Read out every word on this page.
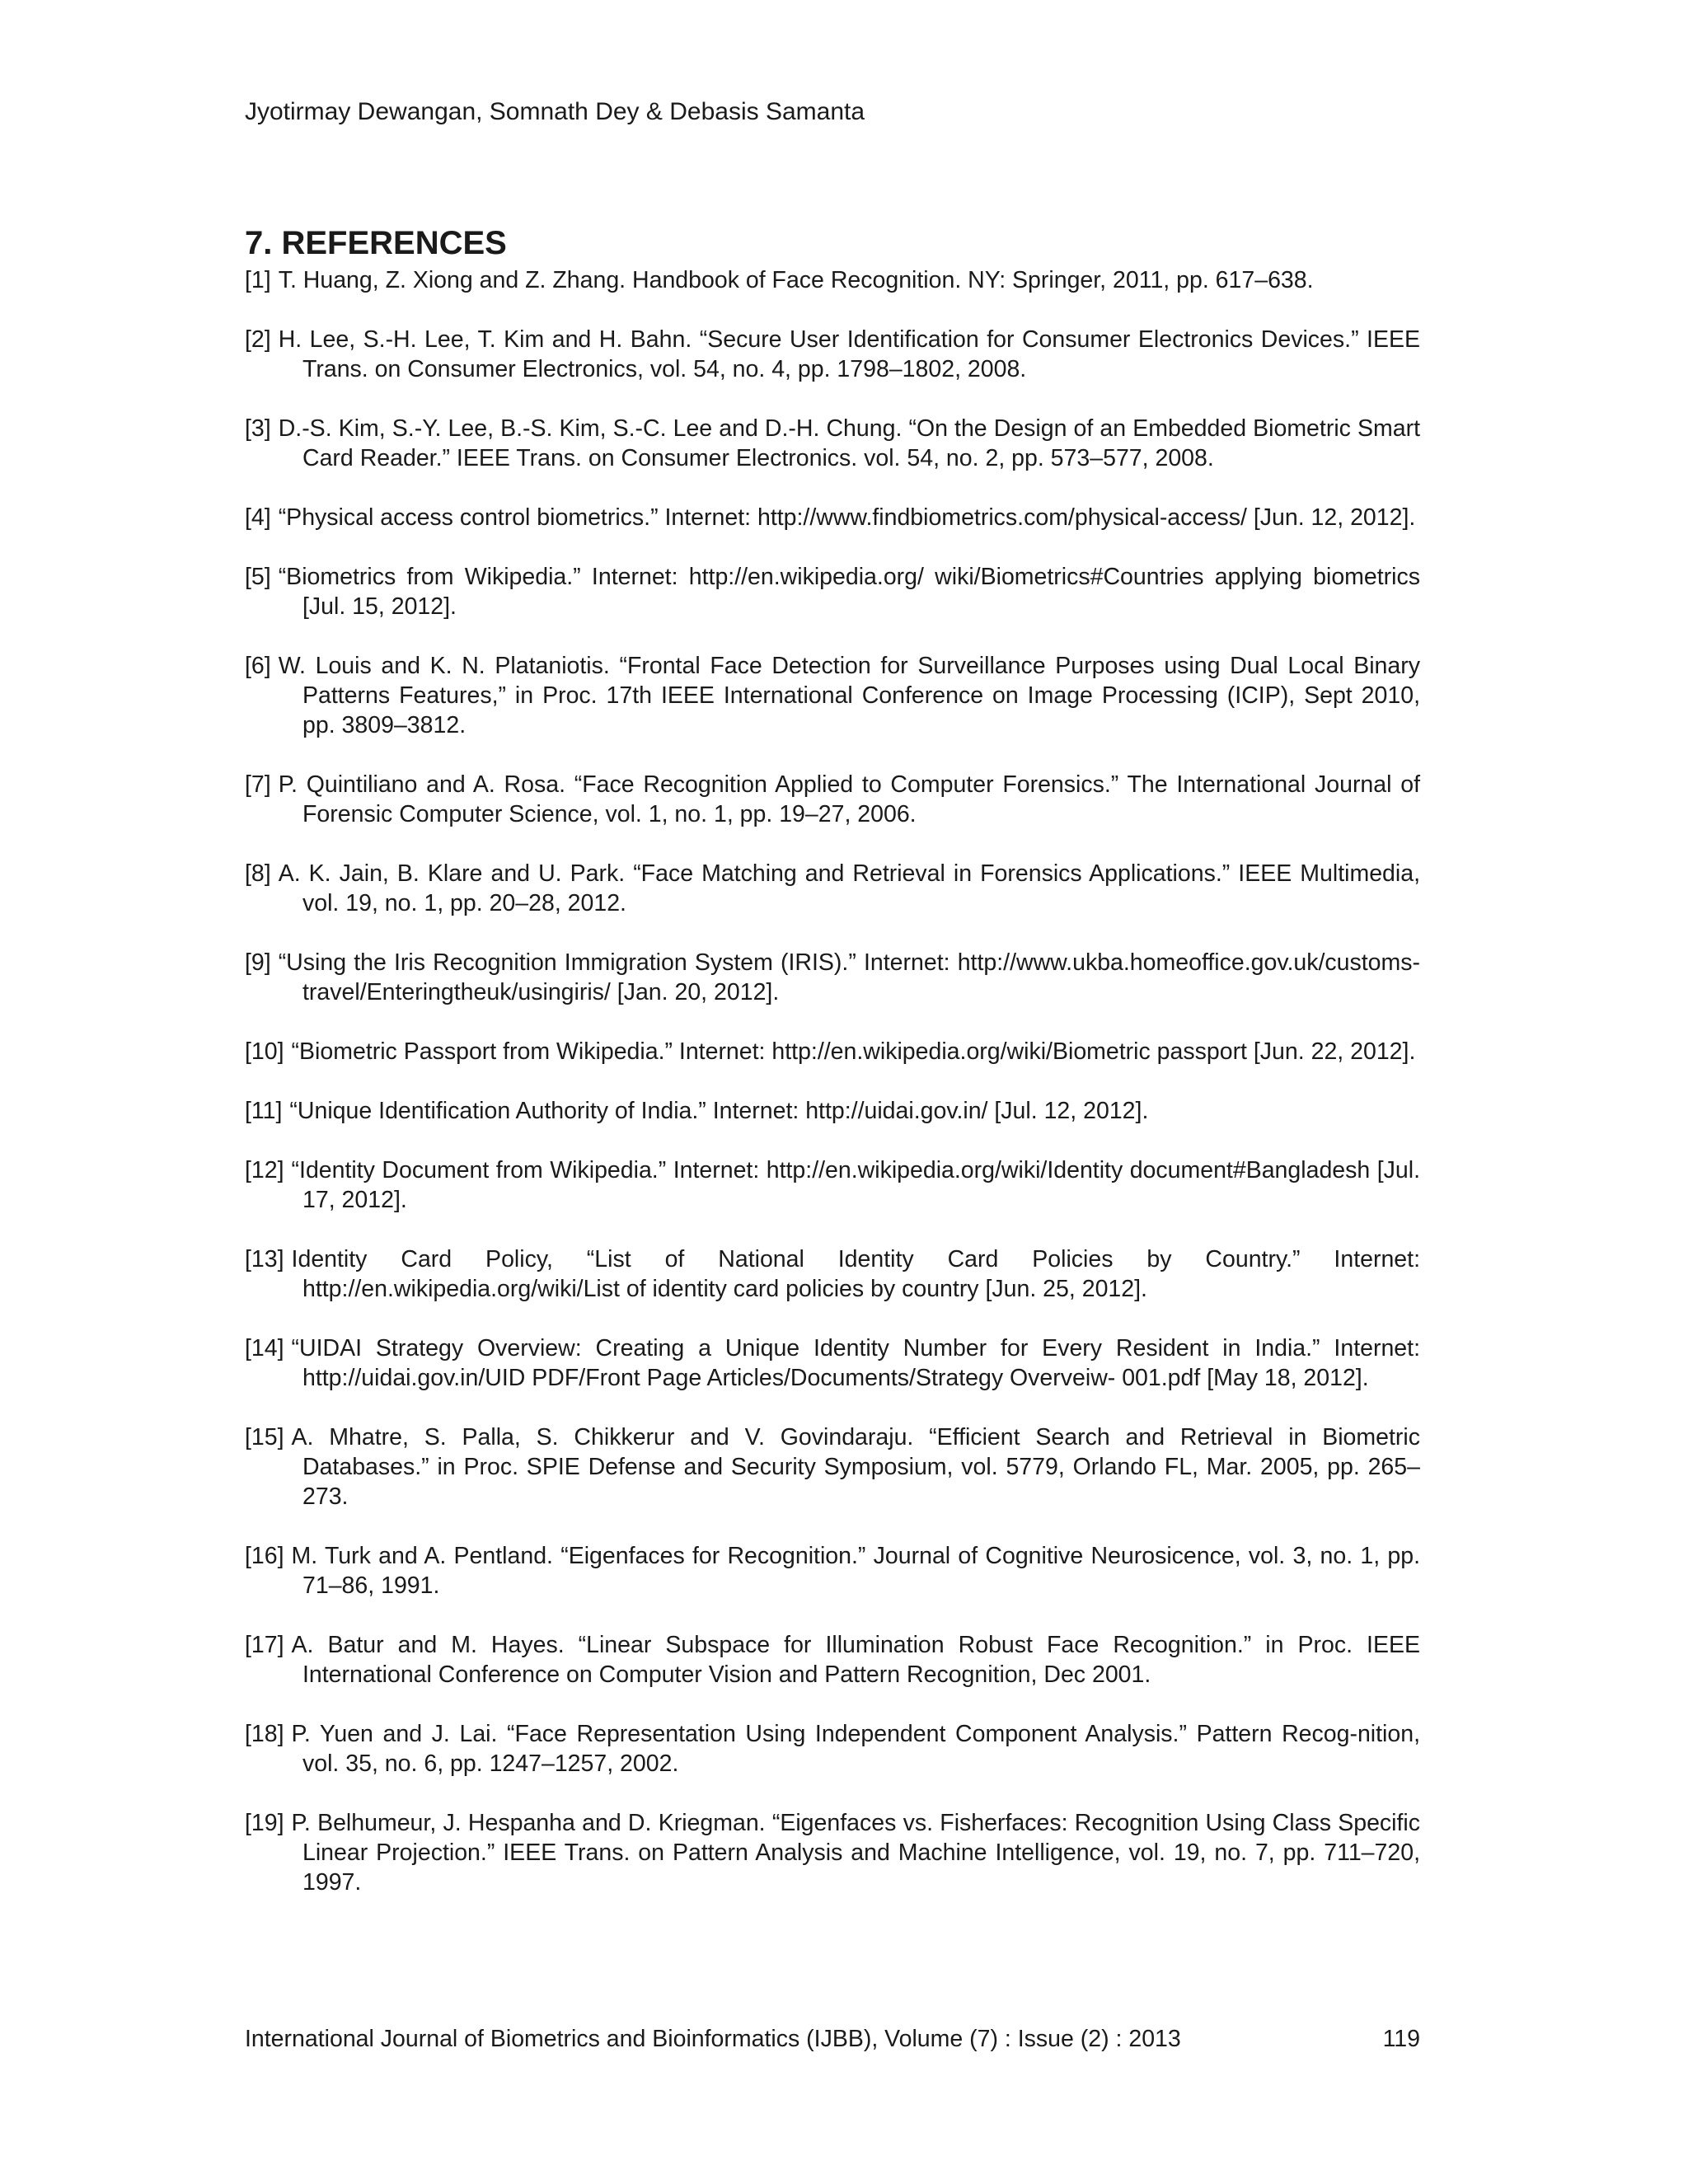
Jyotirmay Dewangan, Somnath Dey & Debasis Samanta
7. REFERENCES
[1] T. Huang, Z. Xiong and Z. Zhang. Handbook of Face Recognition. NY: Springer, 2011, pp. 617–638.
[2] H. Lee, S.-H. Lee, T. Kim and H. Bahn. “Secure User Identification for Consumer Electronics Devices.” IEEE Trans. on Consumer Electronics, vol. 54, no. 4, pp. 1798–1802, 2008.
[3] D.-S. Kim, S.-Y. Lee, B.-S. Kim, S.-C. Lee and D.-H. Chung. “On the Design of an Embedded Biometric Smart Card Reader.” IEEE Trans. on Consumer Electronics. vol. 54, no. 2, pp. 573–577, 2008.
[4] “Physical access control biometrics.” Internet: http://www.findbiometrics.com/physical-access/ [Jun. 12, 2012].
[5] “Biometrics from Wikipedia.” Internet: http://en.wikipedia.org/ wiki/Biometrics#Countries applying biometrics [Jul. 15, 2012].
[6] W. Louis and K. N. Plataniotis. “Frontal Face Detection for Surveillance Purposes using Dual Local Binary Patterns Features,” in Proc. 17th IEEE International Conference on Image Processing (ICIP), Sept 2010, pp. 3809–3812.
[7] P. Quintiliano and A. Rosa. “Face Recognition Applied to Computer Forensics.” The International Journal of Forensic Computer Science, vol. 1, no. 1, pp. 19–27, 2006.
[8] A. K. Jain, B. Klare and U. Park. “Face Matching and Retrieval in Forensics Applications.” IEEE Multimedia, vol. 19, no. 1, pp. 20–28, 2012.
[9] “Using the Iris Recognition Immigration System (IRIS).” Internet: http://www.ukba.homeoffice.gov.uk/customs-travel/Enteringtheuk/usingiris/ [Jan. 20, 2012].
[10] “Biometric Passport from Wikipedia.” Internet: http://en.wikipedia.org/wiki/Biometric passport [Jun. 22, 2012].
[11] “Unique Identification Authority of India.” Internet: http://uidai.gov.in/ [Jul. 12, 2012].
[12] “Identity Document from Wikipedia.” Internet: http://en.wikipedia.org/wiki/Identity document#Bangladesh [Jul. 17, 2012].
[13] Identity Card Policy, “List of National Identity Card Policies by Country.” Internet: http://en.wikipedia.org/wiki/List of identity card policies by country [Jun. 25, 2012].
[14] “UIDAI Strategy Overview: Creating a Unique Identity Number for Every Resident in India.” Internet: http://uidai.gov.in/UID PDF/Front Page Articles/Documents/Strategy Overveiw- 001.pdf [May 18, 2012].
[15] A. Mhatre, S. Palla, S. Chikkerur and V. Govindaraju. “Efficient Search and Retrieval in Biometric Databases.” in Proc. SPIE Defense and Security Symposium, vol. 5779, Orlando FL, Mar. 2005, pp. 265–273.
[16] M. Turk and A. Pentland. “Eigenfaces for Recognition.” Journal of Cognitive Neurosicence, vol. 3, no. 1, pp. 71–86, 1991.
[17] A. Batur and M. Hayes. “Linear Subspace for Illumination Robust Face Recognition.” in Proc. IEEE International Conference on Computer Vision and Pattern Recognition, Dec 2001.
[18] P. Yuen and J. Lai. “Face Representation Using Independent Component Analysis.” Pattern Recog-nition, vol. 35, no. 6, pp. 1247–1257, 2002.
[19] P. Belhumeur, J. Hespanha and D. Kriegman. “Eigenfaces vs. Fisherfaces: Recognition Using Class Specific Linear Projection.” IEEE Trans. on Pattern Analysis and Machine Intelligence, vol. 19, no. 7, pp. 711–720, 1997.
International Journal of Biometrics and Bioinformatics (IJBB), Volume (7) : Issue (2) : 2013	119
